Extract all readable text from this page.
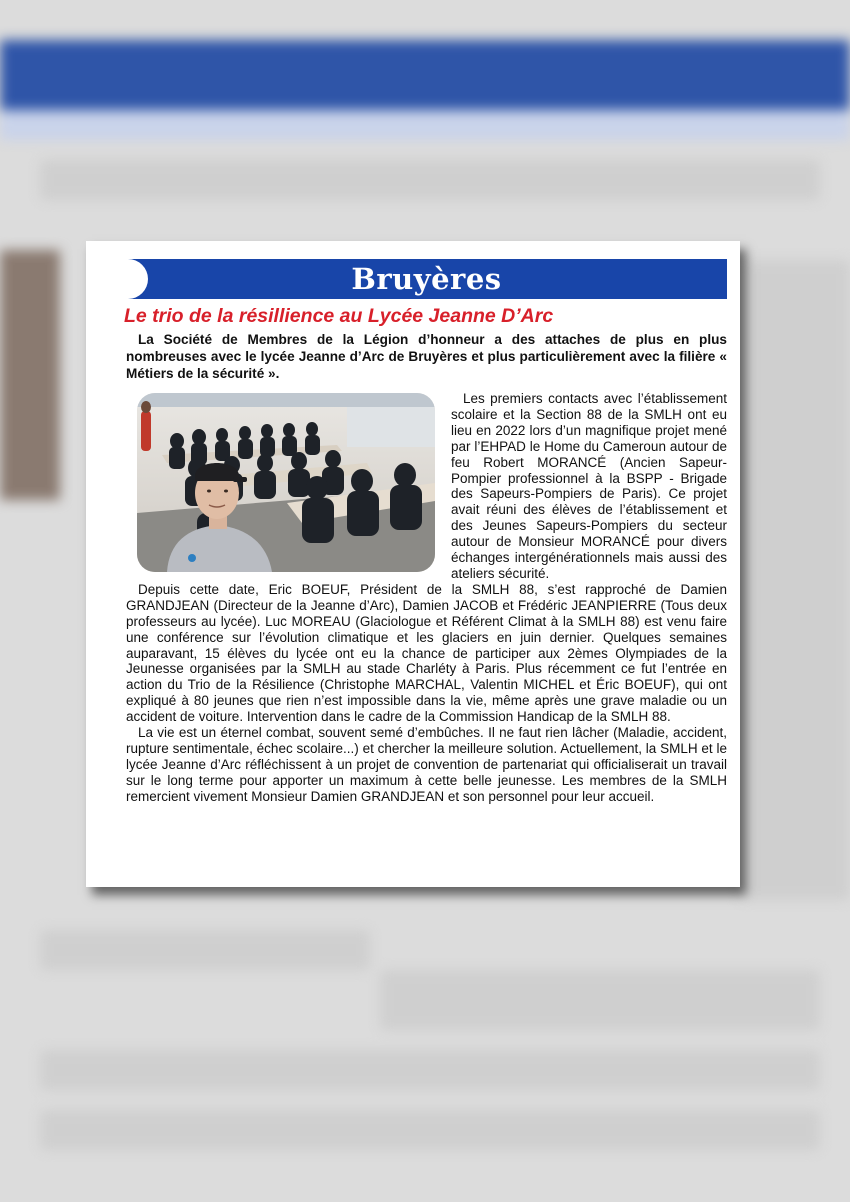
Bruyères
Le trio de la résillience au Lycée Jeanne D’Arc
La Société de Membres de la Légion d’honneur a des attaches de plus en plus nombreuses avec le lycée Jeanne d’Arc de Bruyères et plus particulièrement avec la filière « Métiers de la sécurité ».

Les premiers contacts avec l’établissement scolaire et la Section 88 de la SMLH ont eu lieu en 2022 lors d’un magnifique projet mené par l’EHPAD le Home du Cameroun autour de feu Robert MORANCÉ (Ancien Sapeur-Pompier professionnel à la BSPP - Brigade des Sapeurs-Pompiers de Paris). Ce projet avait réuni des élèves de l’établissement et des Jeunes Sapeurs-Pompiers du secteur autour de Monsieur MORANCÉ pour divers échanges intergénérationnels mais aussi des ateliers sécurité.

Depuis cette date, Eric BOEUF, Président de la SMLH 88, s’est rapproché de Damien GRANDJEAN (Directeur de la Jeanne d’Arc), Damien JACOB et Frédéric JEANPIERRE (Tous deux professeurs au lycée). Luc MOREAU (Glaciologue et Référent Climat à la SMLH 88) est venu faire une conférence sur l’évolution climatique et les glaciers en juin dernier. Quelques semaines auparavant, 15 élèves du lycée ont eu la chance de participer aux 2èmes Olympiades de la Jeunesse organisées par la SMLH au stade Charléty à Paris. Plus récemment ce fut l’entrée en action du Trio de la Résilience (Christophe MARCHAL, Valentin MICHEL et Éric BOEUF), qui ont expliqué à 80 jeunes que rien n’est impossible dans la vie, même après une grave maladie ou un accident de voiture. Intervention dans le cadre de la Commission Handicap de la SMLH 88.

La vie est un éternel combat, souvent semé d’embûches. Il ne faut rien lâcher (Maladie, accident, rupture sentimentale, échec scolaire...) et chercher la meilleure solution. Actuellement, la SMLH et le lycée Jeanne d’Arc réfléchissent à un projet de convention de partenariat qui officialiserait un travail sur le long terme pour apporter un maximum à cette belle jeunesse. Les membres de la SMLH remercient vivement Monsieur Damien GRANDJEAN et son personnel pour leur accueil.
